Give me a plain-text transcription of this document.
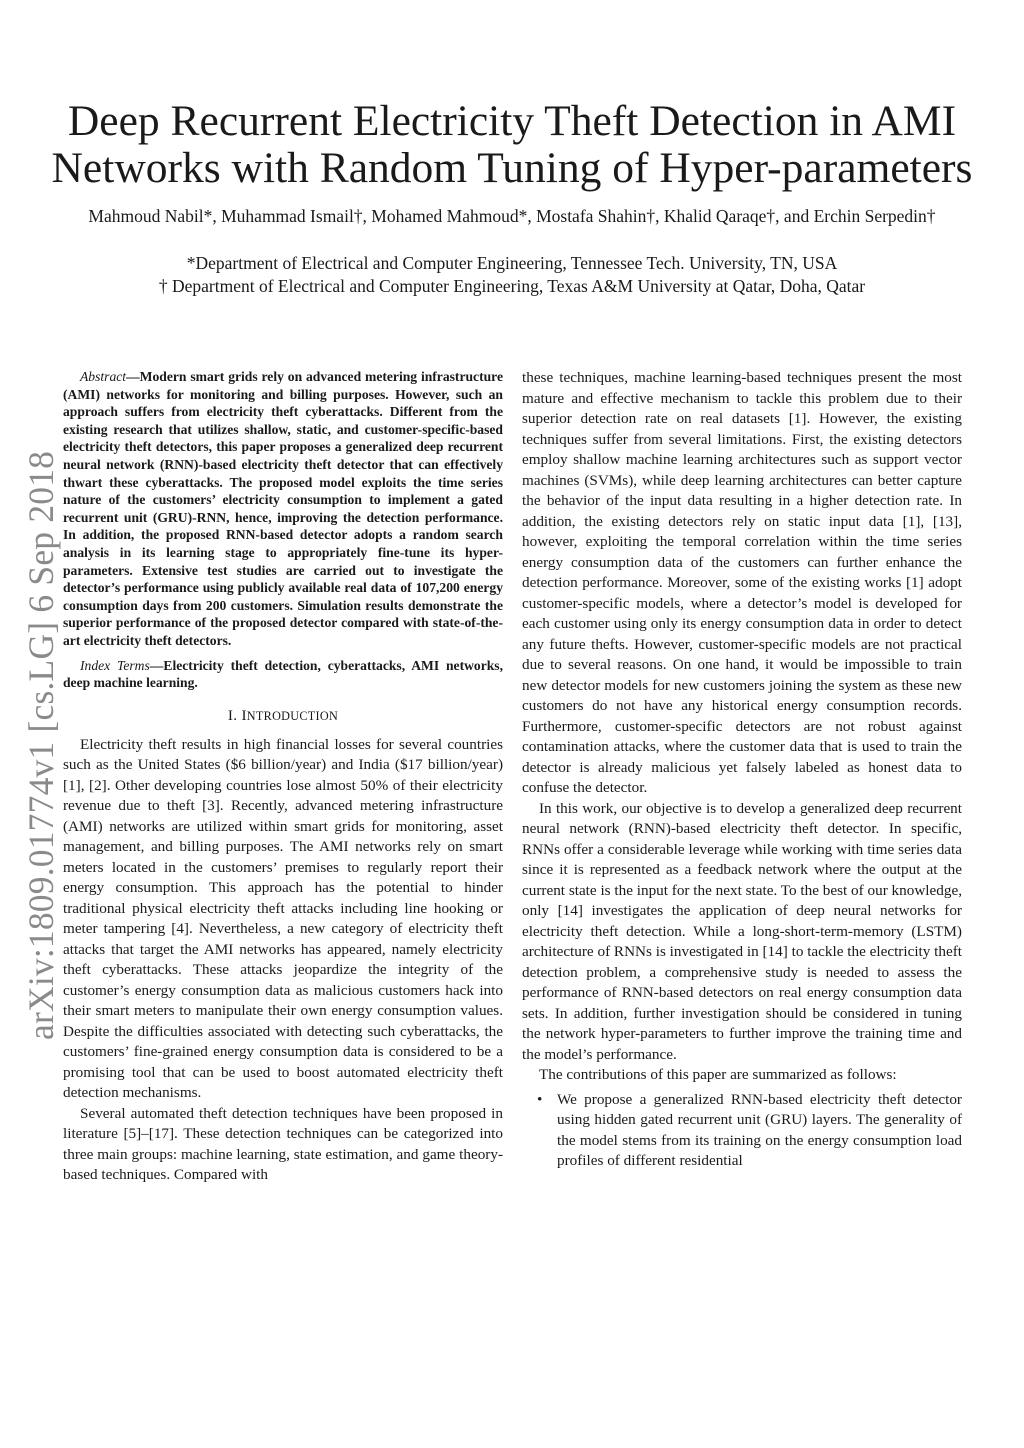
Deep Recurrent Electricity Theft Detection in AMI Networks with Random Tuning of Hyper-parameters
Mahmoud Nabil*, Muhammad Ismail†, Mohamed Mahmoud*, Mostafa Shahin†, Khalid Qaraqe†, and Erchin Serpedin†
*Department of Electrical and Computer Engineering, Tennessee Tech. University, TN, USA
† Department of Electrical and Computer Engineering, Texas A&M University at Qatar, Doha, Qatar
arXiv:1809.01774v1 [cs.LG] 6 Sep 2018

Abstract—Modern smart grids rely on advanced metering infrastructure (AMI) networks for monitoring and billing purposes. However, such an approach suffers from electricity theft cyberattacks. Different from the existing research that utilizes shallow, static, and customer-specific-based electricity theft detectors, this paper proposes a generalized deep recurrent neural network (RNN)-based electricity theft detector that can effectively thwart these cyberattacks. The proposed model exploits the time series nature of the customers’ electricity consumption to implement a gated recurrent unit (GRU)-RNN, hence, improving the detection performance. In addition, the proposed RNN-based detector adopts a random search analysis in its learning stage to appropriately fine-tune its hyper-parameters. Extensive test studies are carried out to investigate the detector’s performance using publicly available real data of 107,200 energy consumption days from 200 customers. Simulation results demonstrate the superior performance of the proposed detector compared with state-of-the-art electricity theft detectors.

Index Terms—Electricity theft detection, cyberattacks, AMI networks, deep machine learning.

I. INTRODUCTION

Electricity theft results in high financial losses for several countries such as the United States ($6 billion/year) and India ($17 billion/year) [1], [2]. Other developing countries lose almost 50% of their electricity revenue due to theft [3]. Recently, advanced metering infrastructure (AMI) networks are utilized within smart grids for monitoring, asset management, and billing purposes. The AMI networks rely on smart meters located in the customers’ premises to regularly report their energy consumption. This approach has the potential to hinder traditional physical electricity theft attacks including line hooking or meter tampering [4]. Nevertheless, a new category of electricity theft attacks that target the AMI networks has appeared, namely electricity theft cyberattacks. These attacks jeopardize the integrity of the customer’s energy consumption data as malicious customers hack into their smart meters to manipulate their own energy consumption values. Despite the difficulties associated with detecting such cyberattacks, the customers’ fine-grained energy consumption data is considered to be a promising tool that can be used to boost automated electricity theft detection mechanisms.

Several automated theft detection techniques have been proposed in literature [5]–[17]. These detection techniques can be categorized into three main groups: machine learning, state estimation, and game theory-based techniques. Compared with

these techniques, machine learning-based techniques present the most mature and effective mechanism to tackle this problem due to their superior detection rate on real datasets [1]. However, the existing techniques suffer from several limitations. First, the existing detectors employ shallow machine learning architectures such as support vector machines (SVMs), while deep learning architectures can better capture the behavior of the input data resulting in a higher detection rate. In addition, the existing detectors rely on static input data [1], [13], however, exploiting the temporal correlation within the time series energy consumption data of the customers can further enhance the detection performance. Moreover, some of the existing works [1] adopt customer-specific models, where a detector’s model is developed for each customer using only its energy consumption data in order to detect any future thefts. However, customer-specific models are not practical due to several reasons. On one hand, it would be impossible to train new detector models for new customers joining the system as these new customers do not have any historical energy consumption records. Furthermore, customer-specific detectors are not robust against contamination attacks, where the customer data that is used to train the detector is already malicious yet falsely labeled as honest data to confuse the detector.

In this work, our objective is to develop a generalized deep recurrent neural network (RNN)-based electricity theft detector. In specific, RNNs offer a considerable leverage while working with time series data since it is represented as a feedback network where the output at the current state is the input for the next state. To the best of our knowledge, only [14] investigates the application of deep neural networks for electricity theft detection. While a long-short-term-memory (LSTM) architecture of RNNs is investigated in [14] to tackle the electricity theft detection problem, a comprehensive study is needed to assess the performance of RNN-based detectors on real energy consumption data sets. In addition, further investigation should be considered in tuning the network hyper-parameters to further improve the training time and the model’s performance.

The contributions of this paper are summarized as follows:

• We propose a generalized RNN-based electricity theft detector using hidden gated recurrent unit (GRU) layers. The generality of the model stems from its training on the energy consumption load profiles of different residential
